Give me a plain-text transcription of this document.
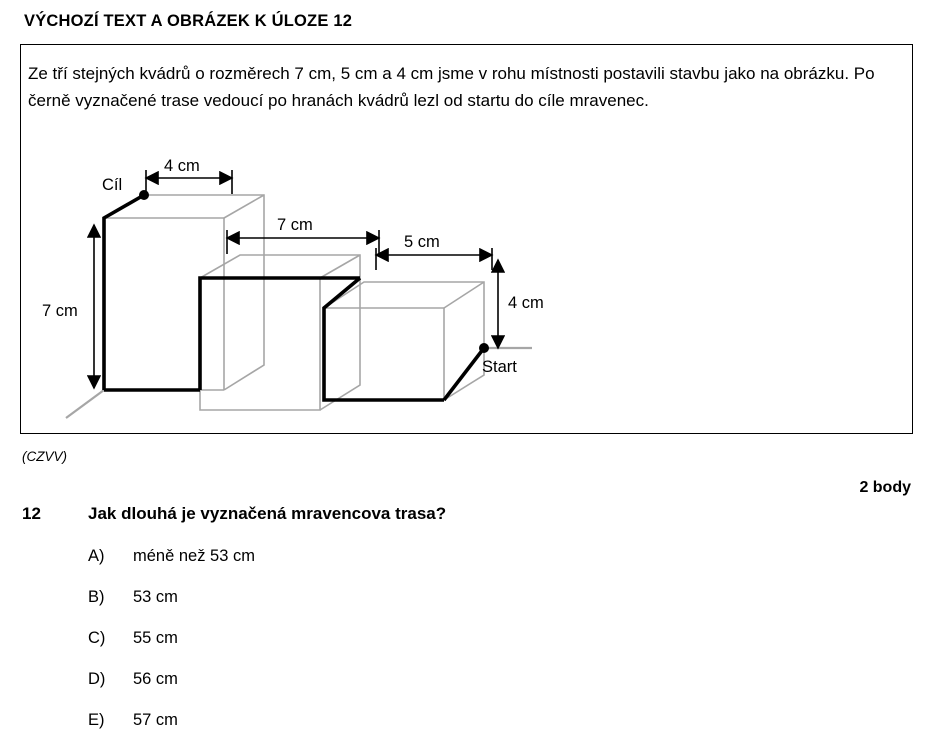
VÝCHOZÍ TEXT A OBRÁZEK K ÚLOZE 12
Ze tří stejných kvádrů o rozměrech 7 cm, 5 cm a 4 cm jsme v rohu místnosti postavili stavbu jako na obrázku. Po černě vyznačené trase vedoucí po hranách kvádrů lezl od startu do cíle mravenec.
Cíl
Start
4 cm
7 cm
5 cm
7 cm	4 cm
(CZVV)
2 body
12	Jak dlouhá je vyznačená mravencova trasa?
A)	méně než 53 cm
B)	53 cm
C)	55 cm
D)	56 cm
E)	57 cm
